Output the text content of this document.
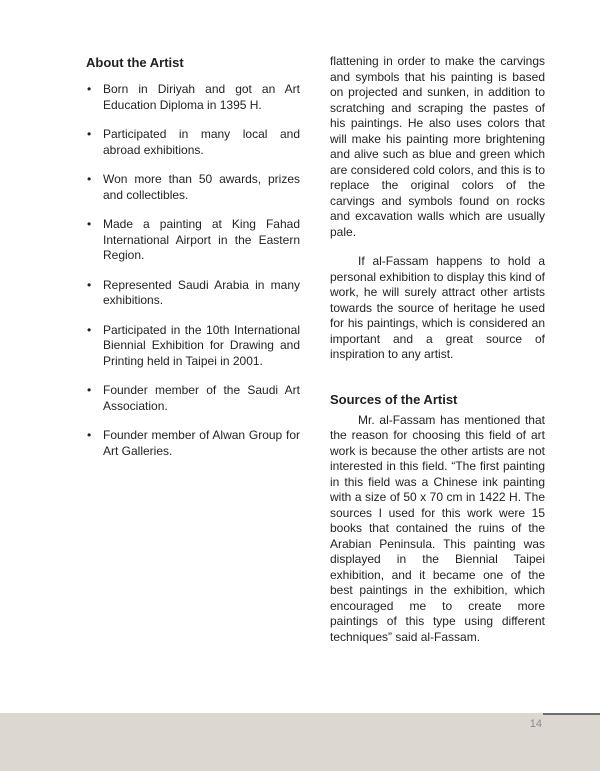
About the Artist
• Born in Diriyah and got an Art Education Diploma in 1395 H.
• Participated in many local and abroad exhibitions.
• Won more than 50 awards, prizes and collectibles.
• Made a painting at King Fahad International Airport in the Eastern Region.
• Represented Saudi Arabia in many exhibitions.
• Participated in the 10th International Biennial Exhibition for Drawing and Printing held in Taipei in 2001.
• Founder member of the Saudi Art Association.
• Founder member of Alwan Group for Art Galleries.

flattening in order to make the carvings and symbols that his painting is based on projected and sunken, in addition to scratching and scraping the pastes of his paintings. He also uses colors that will make his painting more brightening and alive such as blue and green which are considered cold colors, and this is to replace the original colors of the carvings and symbols found on rocks and excavation walls which are usually pale.

If al-Fassam happens to hold a personal exhibition to display this kind of work, he will surely attract other artists towards the source of heritage he used for his paintings, which is considered an important and a great source of inspiration to any artist.

Sources of the Artist

Mr. al-Fassam has mentioned that the reason for choosing this field of art work is because the other artists are not interested in this field. “The first painting in this field was a Chinese ink painting with a size of 50 x 70 cm in 1422 H. The sources I used for this work were 15 books that contained the ruins of the Arabian Peninsula. This painting was displayed in the Biennial Taipei exhibition, and it became one of the best paintings in the exhibition, which encouraged me to create more paintings of this type using different techniques” said al-Fassam.

14
